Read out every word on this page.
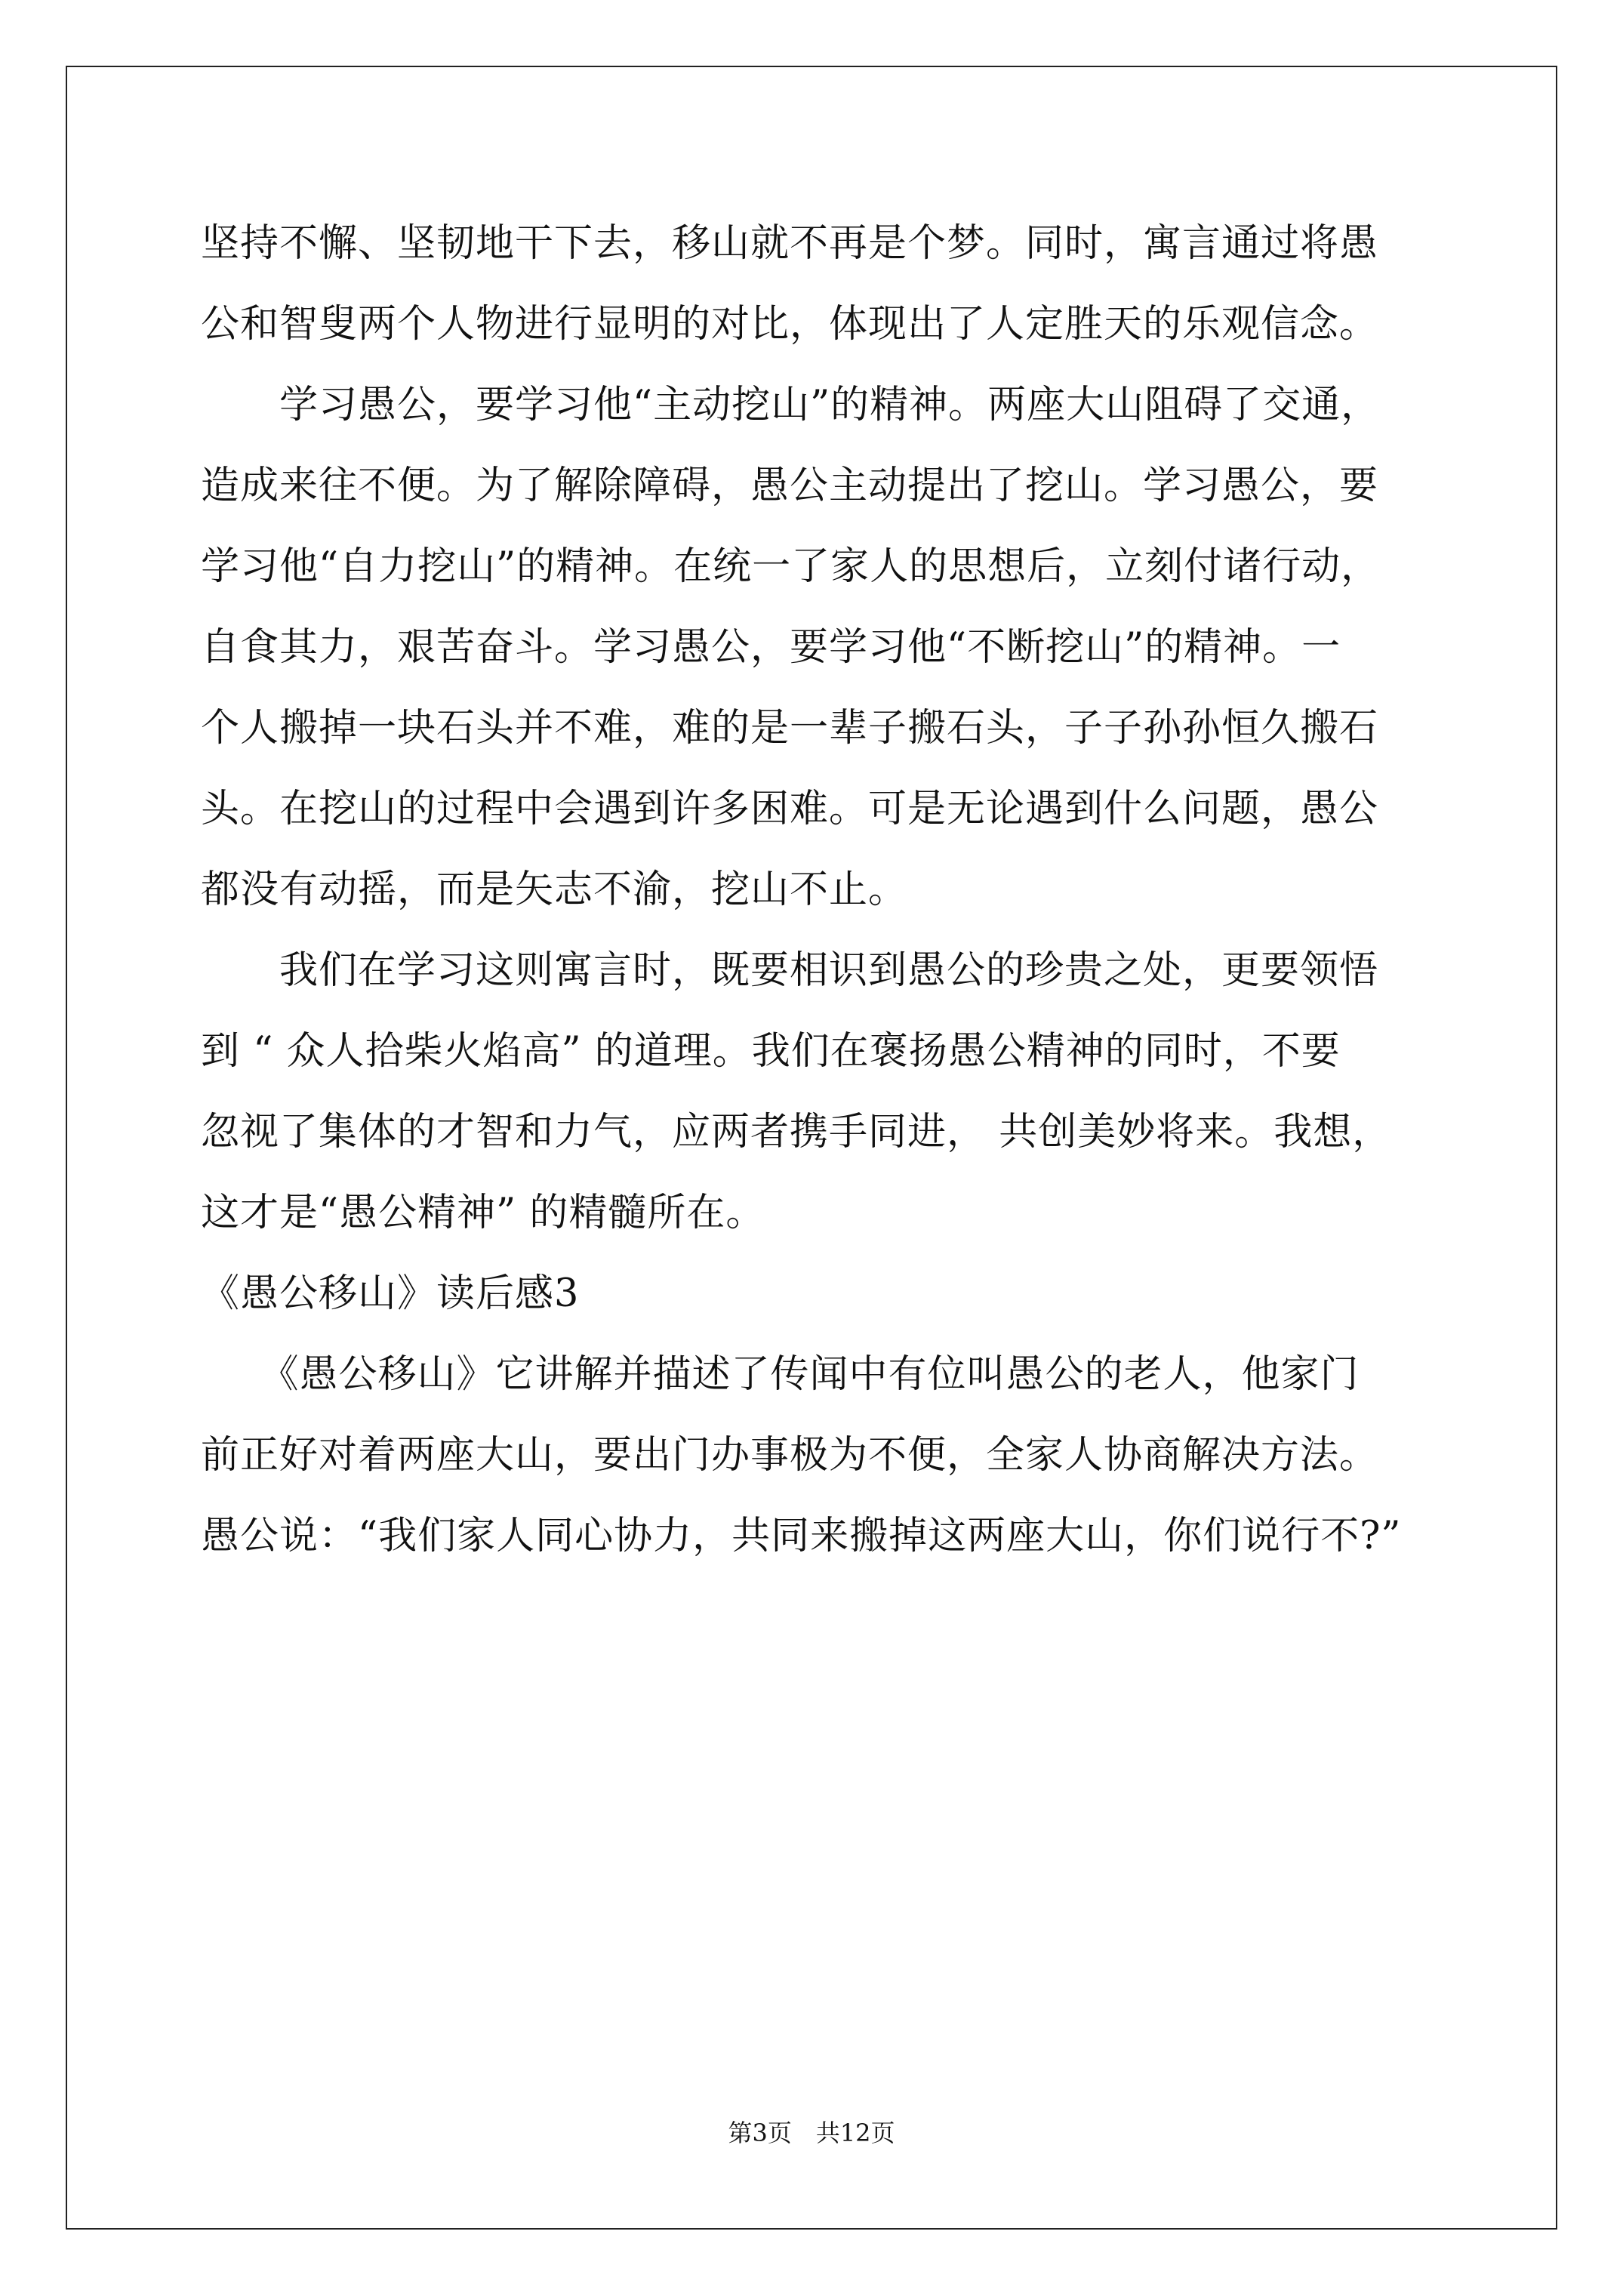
坚持不懈、坚韧地干下去，移山就不再是个梦。同时，寓言通过将愚
公和智叟两个人物进行显明的对比，体现出了人定胜天的乐观信念。
　　学习愚公，要学习他“主动挖山”的精神。两座大山阻碍了交通，
造成来往不便。为了解除障碍，愚公主动提出了挖山。学习愚公，要
学习他“自力挖山”的精神。在统一了家人的思想后，立刻付诸行动，
自食其力，艰苦奋斗。学习愚公，要学习他“不断挖山”的精神。一
个人搬掉一块石头并不难，难的是一辈子搬石头，子子孙孙恒久搬石
头。在挖山的过程中会遇到许多困难。可是无论遇到什么问题，愚公
都没有动摇，而是矢志不渝，挖山不止。
　　我们在学习这则寓言时，既要相识到愚公的珍贵之处，更要领悟
到 “ 众人拾柴火焰高” 的道理。我们在褒扬愚公精神的同时，不要
忽视了集体的才智和力气，应两者携手同进， 共创美妙将来。我想，
这才是“愚公精神” 的精髓所在。
《愚公移山》读后感3
　　《愚公移山》它讲解并描述了传闻中有位叫愚公的老人，他家门
前正好对着两座大山，要出门办事极为不便，全家人协商解决方法。
愚公说：“我们家人同心协力，共同来搬掉这两座大山，你们说行不?”
第3页　共12页
